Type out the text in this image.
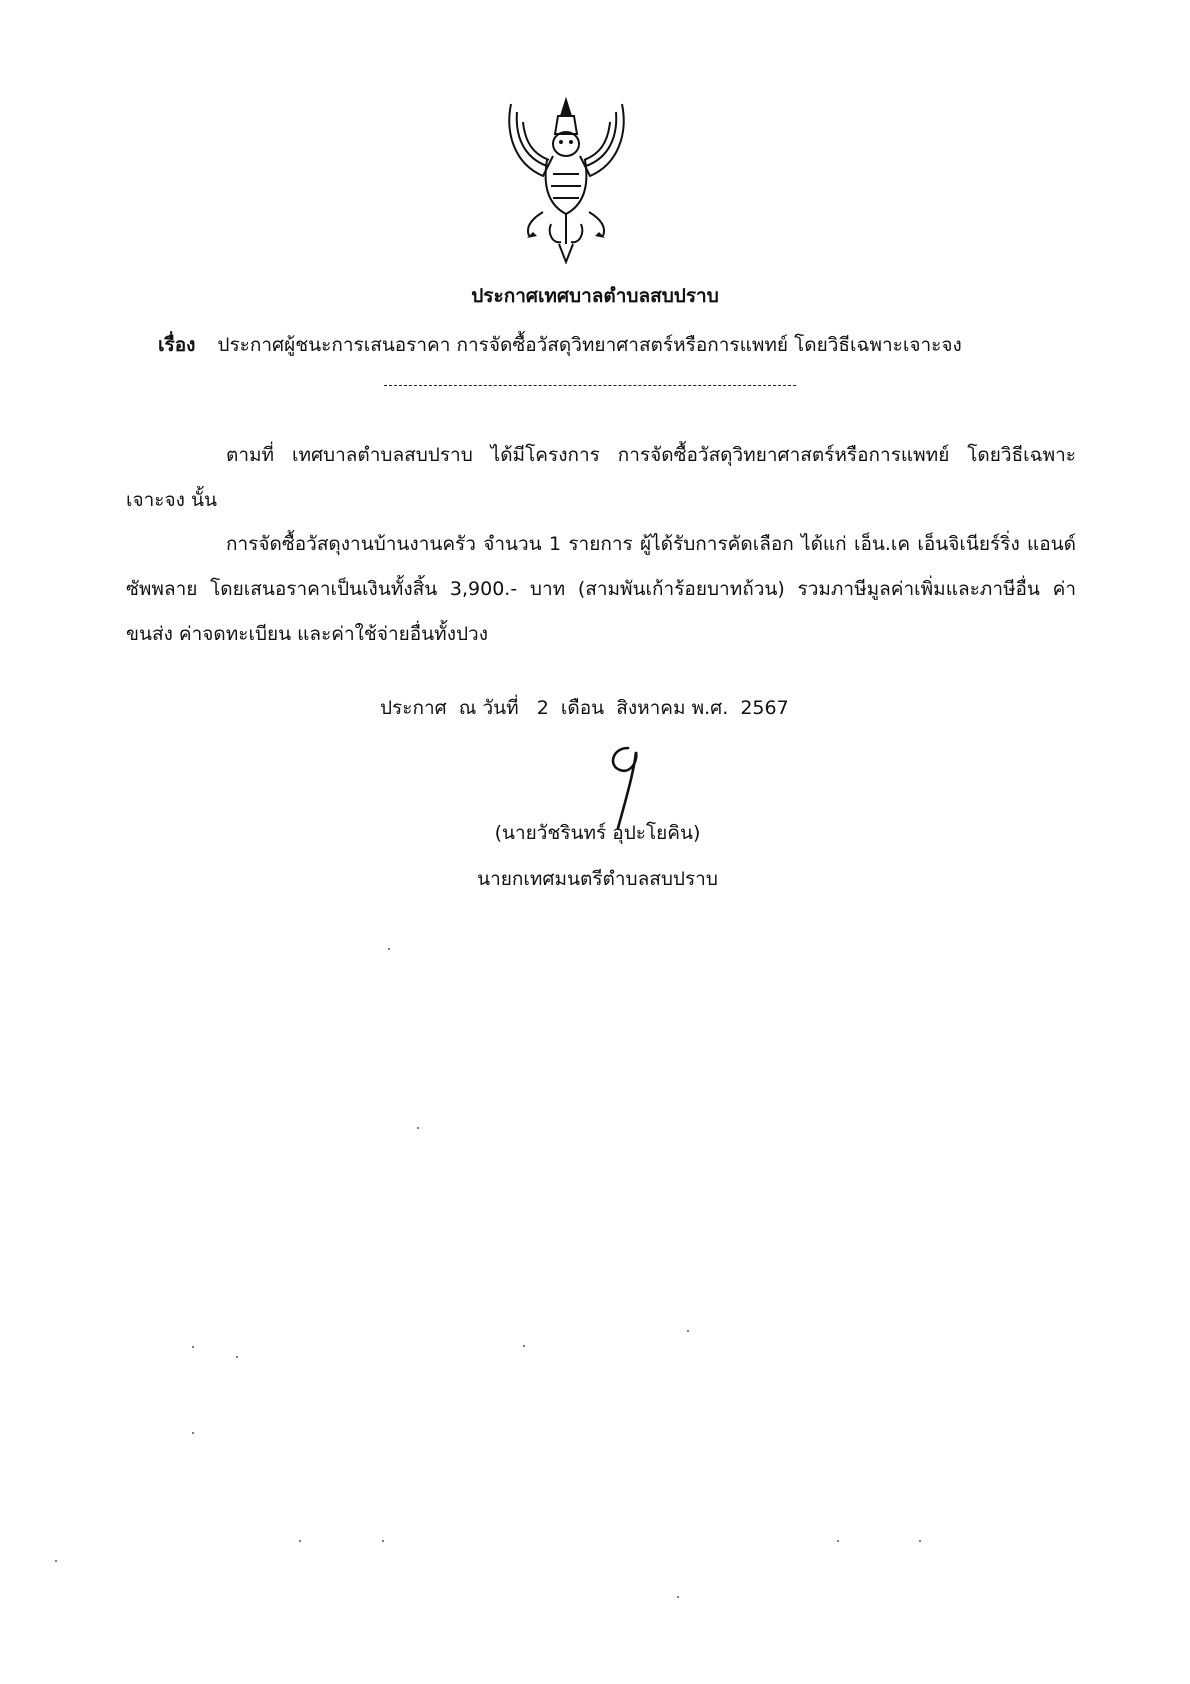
ประกาศเทศบาลตำบลสบปราบ
เรื่อง ประกาศผู้ชนะการเสนอราคา การจัดซื้อวัสดุวิทยาศาสตร์หรือการแพทย์ โดยวิธีเฉพาะเจาะจง
ตามที่ เทศบาลตำบลสบปราบ ได้มีโครงการ การจัดซื้อวัสดุวิทยาศาสตร์หรือการแพทย์ โดยวิธีเฉพาะเจาะจง นั้น
การจัดซื้อวัสดุงานบ้านงานครัว จำนวน 1 รายการ ผู้ได้รับการคัดเลือก ได้แก่ เอ็น.เค เอ็นจิเนียร์ริ่ง แอนด์ซัพพลาย โดยเสนอราคาเป็นเงินทั้งสิ้น 3,900.- บาท (สามพันเก้าร้อยบาทถ้วน) รวมภาษีมูลค่าเพิ่มและภาษีอื่น ค่าขนส่ง ค่าจดทะเบียน และค่าใช้จ่ายอื่นทั้งปวง
ประกาศ  ณ วันที่   2  เดือน  สิงหาคม พ.ศ.  2567
(นายวัชรินทร์ อุปะโยคิน)
นายกเทศมนตรีตำบลสบปราบ
